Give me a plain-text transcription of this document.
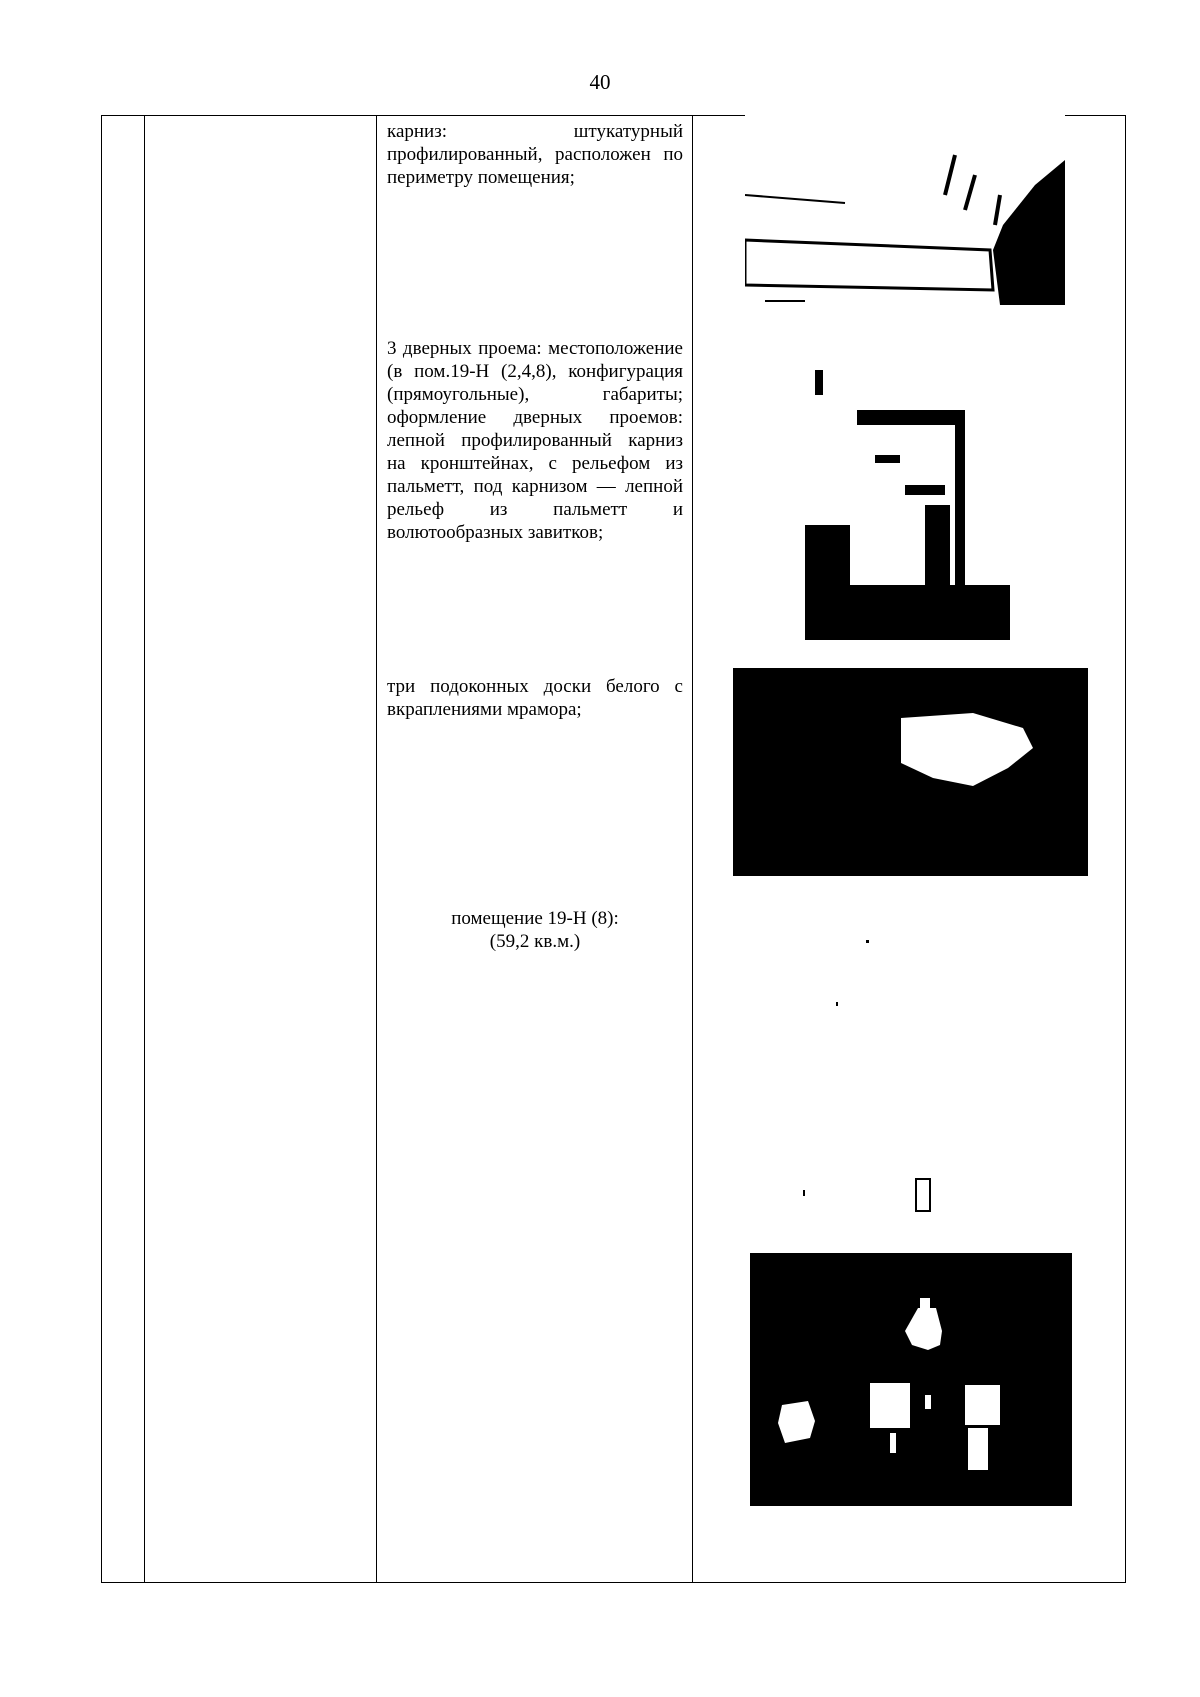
40
карниз: штукатурный профилированный, расположен по периметру помещения;
3 дверных проема: местоположение (в пом.19-Н (2,4,8), конфигурация (прямоугольные), габариты; оформление дверных проемов: лепной профилированный карниз на кронштейнах, с рельефом из пальметт, под карнизом — лепной рельеф из пальметт и волютообразных завитков;
три подоконных доски белого с вкраплениями мрамора;
помещение 19-Н (8):
(59,2 кв.м.)
